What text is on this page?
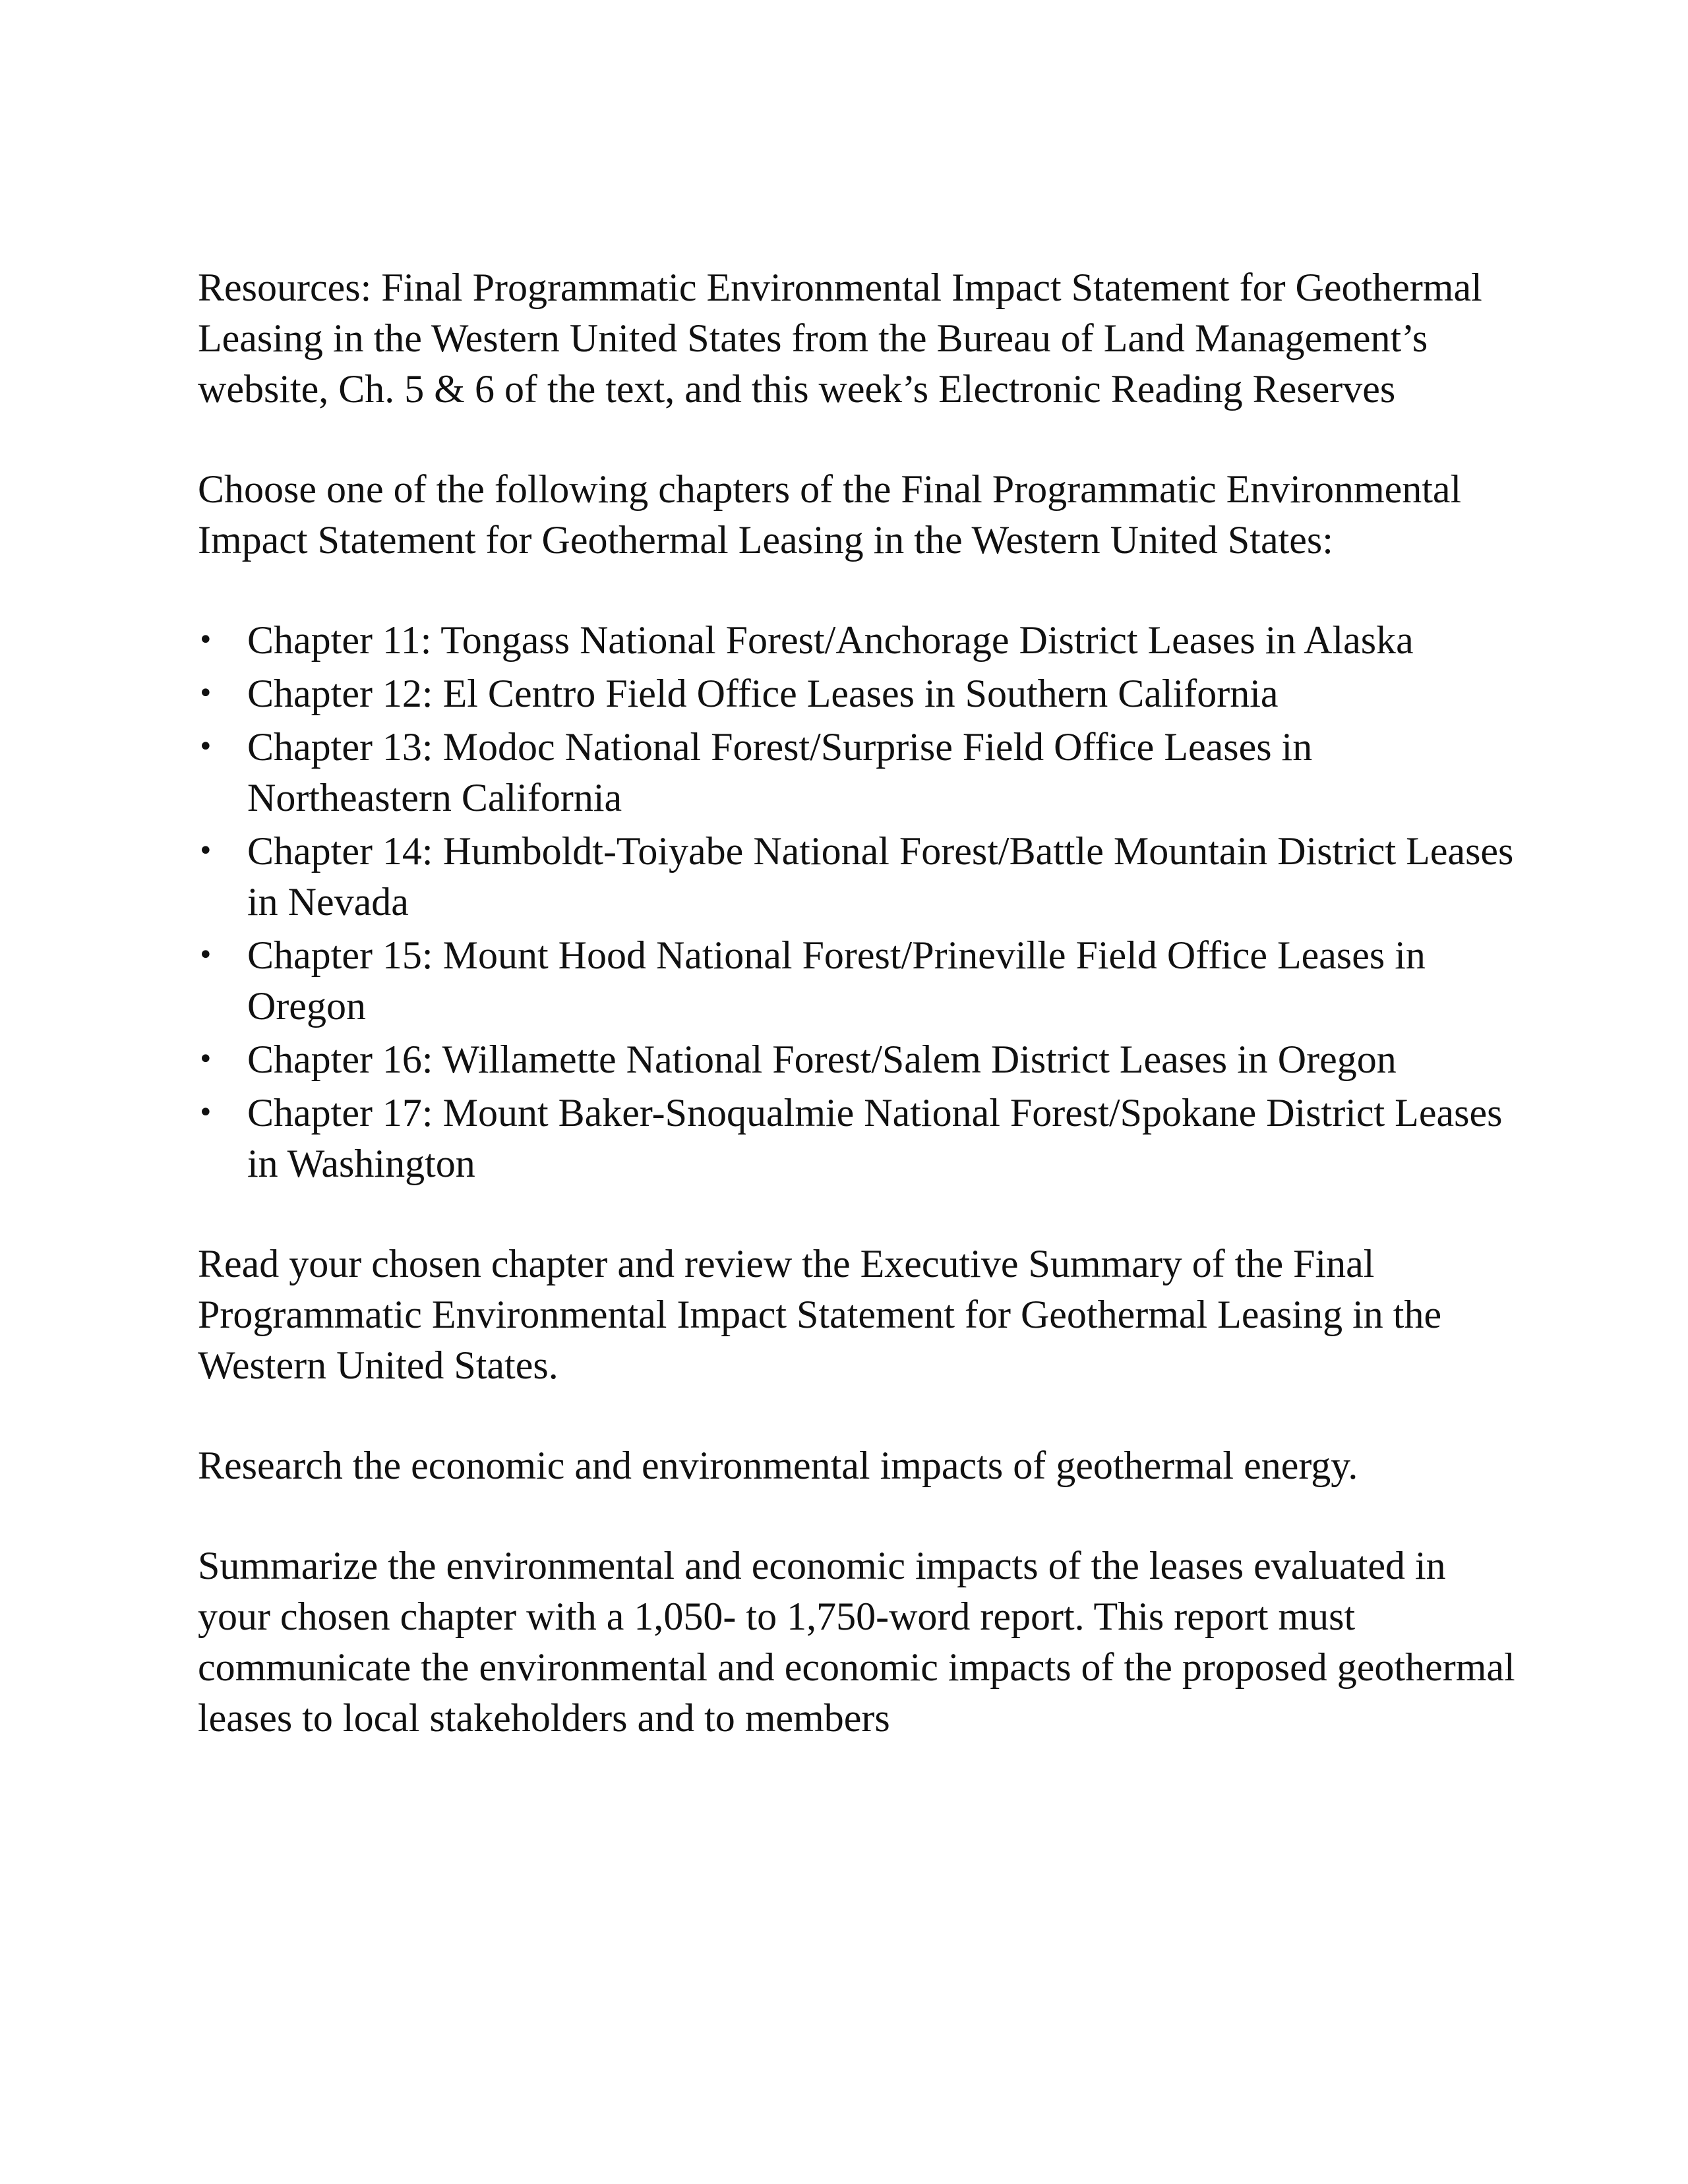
Resources: Final Programmatic Environmental Impact Statement for Geothermal Leasing in the Western United States from the Bureau of Land Management’s website, Ch. 5 & 6 of the text, and this week’s Electronic Reading Reserves

Choose one of the following chapters of the Final Programmatic Environmental Impact Statement for Geothermal Leasing in the Western United States:

• Chapter 11: Tongass National Forest/Anchorage District Leases in Alaska
• Chapter 12: El Centro Field Office Leases in Southern California
• Chapter 13: Modoc National Forest/Surprise Field Office Leases in Northeastern California
• Chapter 14: Humboldt-Toiyabe National Forest/Battle Mountain District Leases in Nevada
• Chapter 15: Mount Hood National Forest/Prineville Field Office Leases in Oregon
• Chapter 16: Willamette National Forest/Salem District Leases in Oregon
• Chapter 17: Mount Baker-Snoqualmie National Forest/Spokane District Leases in Washington

Read your chosen chapter and review the Executive Summary of the Final Programmatic Environmental Impact Statement for Geothermal Leasing in the Western United States.

Research the economic and environmental impacts of geothermal energy.

Summarize the environmental and economic impacts of the leases evaluated in your chosen chapter with a 1,050- to 1,750-word report. This report must communicate the environmental and economic impacts of the proposed geothermal leases to local stakeholders and to members
